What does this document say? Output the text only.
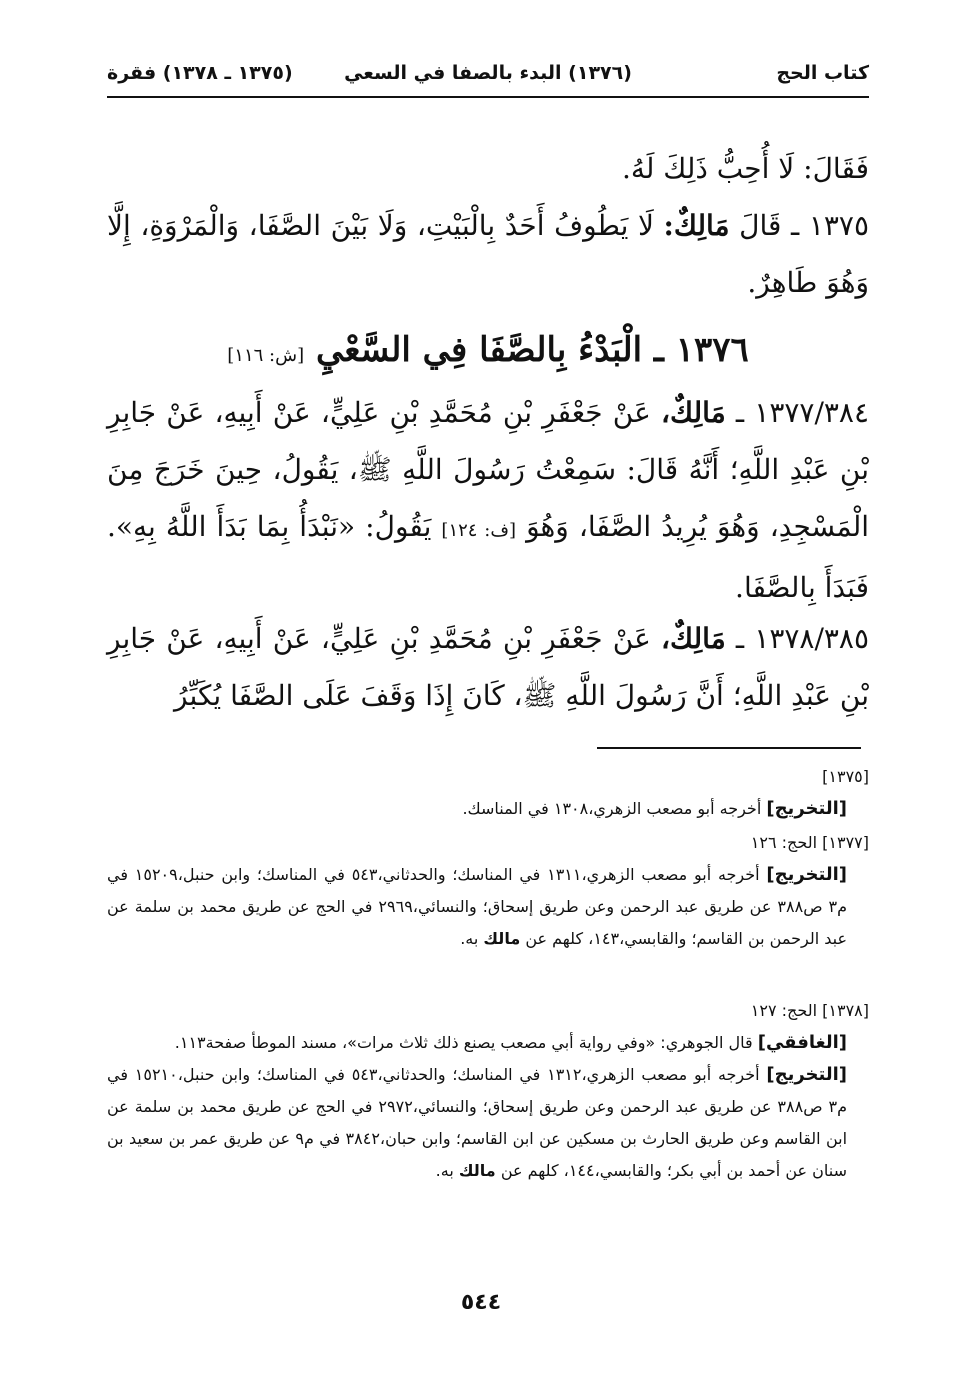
كتاب الحج
(١٣٧٦) البدء بالصفا في السعي
(١٣٧٥ ـ ١٣٧٨) فقرة
فَقَالَ: لَا أُحِبُّ ذَلِكَ لَهُ.
١٣٧٥ ـ قَالَ مَالِكٌ: لَا يَطُوفُ أَحَدٌ بِالْبَيْتِ، وَلَا بَيْنَ الصَّفَا، وَالْمَرْوَةِ، إِلَّا وَهُوَ طَاهِرٌ.
١٣٧٦ ـ الْبَدْءُ بِالصَّفَا فِي السَّعْيِ [ش: ١١٦]
١٣٧٧/٣٨٤ ـ مَالِكٌ، عَنْ جَعْفَرِ بْنِ مُحَمَّدِ بْنِ عَلِيٍّ، عَنْ أَبِيهِ، عَنْ جَابِرِ بْنِ عَبْدِ اللَّهِ؛ أَنَّهُ قَالَ: سَمِعْتُ رَسُولَ اللَّهِ ﷺ، يَقُولُ، حِينَ خَرَجَ مِنَ الْمَسْجِدِ، وَهُوَ يُرِيدُ الصَّفَا، وَهُوَ [ف: ١٢٤] يَقُولُ: «نَبْدَأُ بِمَا بَدَأَ اللَّهُ بِهِ». فَبَدَأَ بِالصَّفَا.
١٣٧٨/٣٨٥ ـ مَالِكٌ، عَنْ جَعْفَرِ بْنِ مُحَمَّدِ بْنِ عَلِيٍّ، عَنْ أَبِيهِ، عَنْ جَابِرِ بْنِ عَبْدِ اللَّهِ؛ أَنَّ رَسُولَ اللَّهِ ﷺ، كَانَ إِذَا وَقَفَ عَلَى الصَّفَا يُكَبِّرُ
[١٣٧٥]
[التخريج] أخرجه أبو مصعب الزهري،١٣٠٨ في المناسك.
[١٣٧٧] الحج: ١٢٦
[التخريج] أخرجه أبو مصعب الزهري،١٣١١ في المناسك؛ والحدثاني،٥٤٣ في المناسك؛ وابن حنبل،١٥٢٠٩ في م٣ ص٣٨٨ عن طريق عبد الرحمن وعن طريق إسحاق؛ والنسائي،٢٩٦٩ في الحج عن طريق محمد بن سلمة عن عبد الرحمن بن القاسم؛ والقابسي،١٤٣، كلهم عن مالك به.
[١٣٧٨] الحج: ١٢٧
[الغافقي] قال الجوهري: «وفي رواية أبي مصعب يصنع ذلك ثلاث مرات»، مسند الموطأ صفحة١١٣.
[التخريج] أخرجه أبو مصعب الزهري،١٣١٢ في المناسك؛ والحدثاني،٥٤٣ في المناسك؛ وابن حنبل،١٥٢١٠ في م٣ ص٣٨٨ عن طريق عبد الرحمن وعن طريق إسحاق؛ والنسائي،٢٩٧٢ في الحج عن طريق محمد بن سلمة عن ابن القاسم وعن طريق الحارث بن مسكين عن ابن القاسم؛ وابن حبان،٣٨٤٢ في م٩ عن طريق عمر بن سعيد بن سنان عن أحمد بن أبي بكر؛ والقابسي،١٤٤، كلهم عن مالك به.
٥٤٤
